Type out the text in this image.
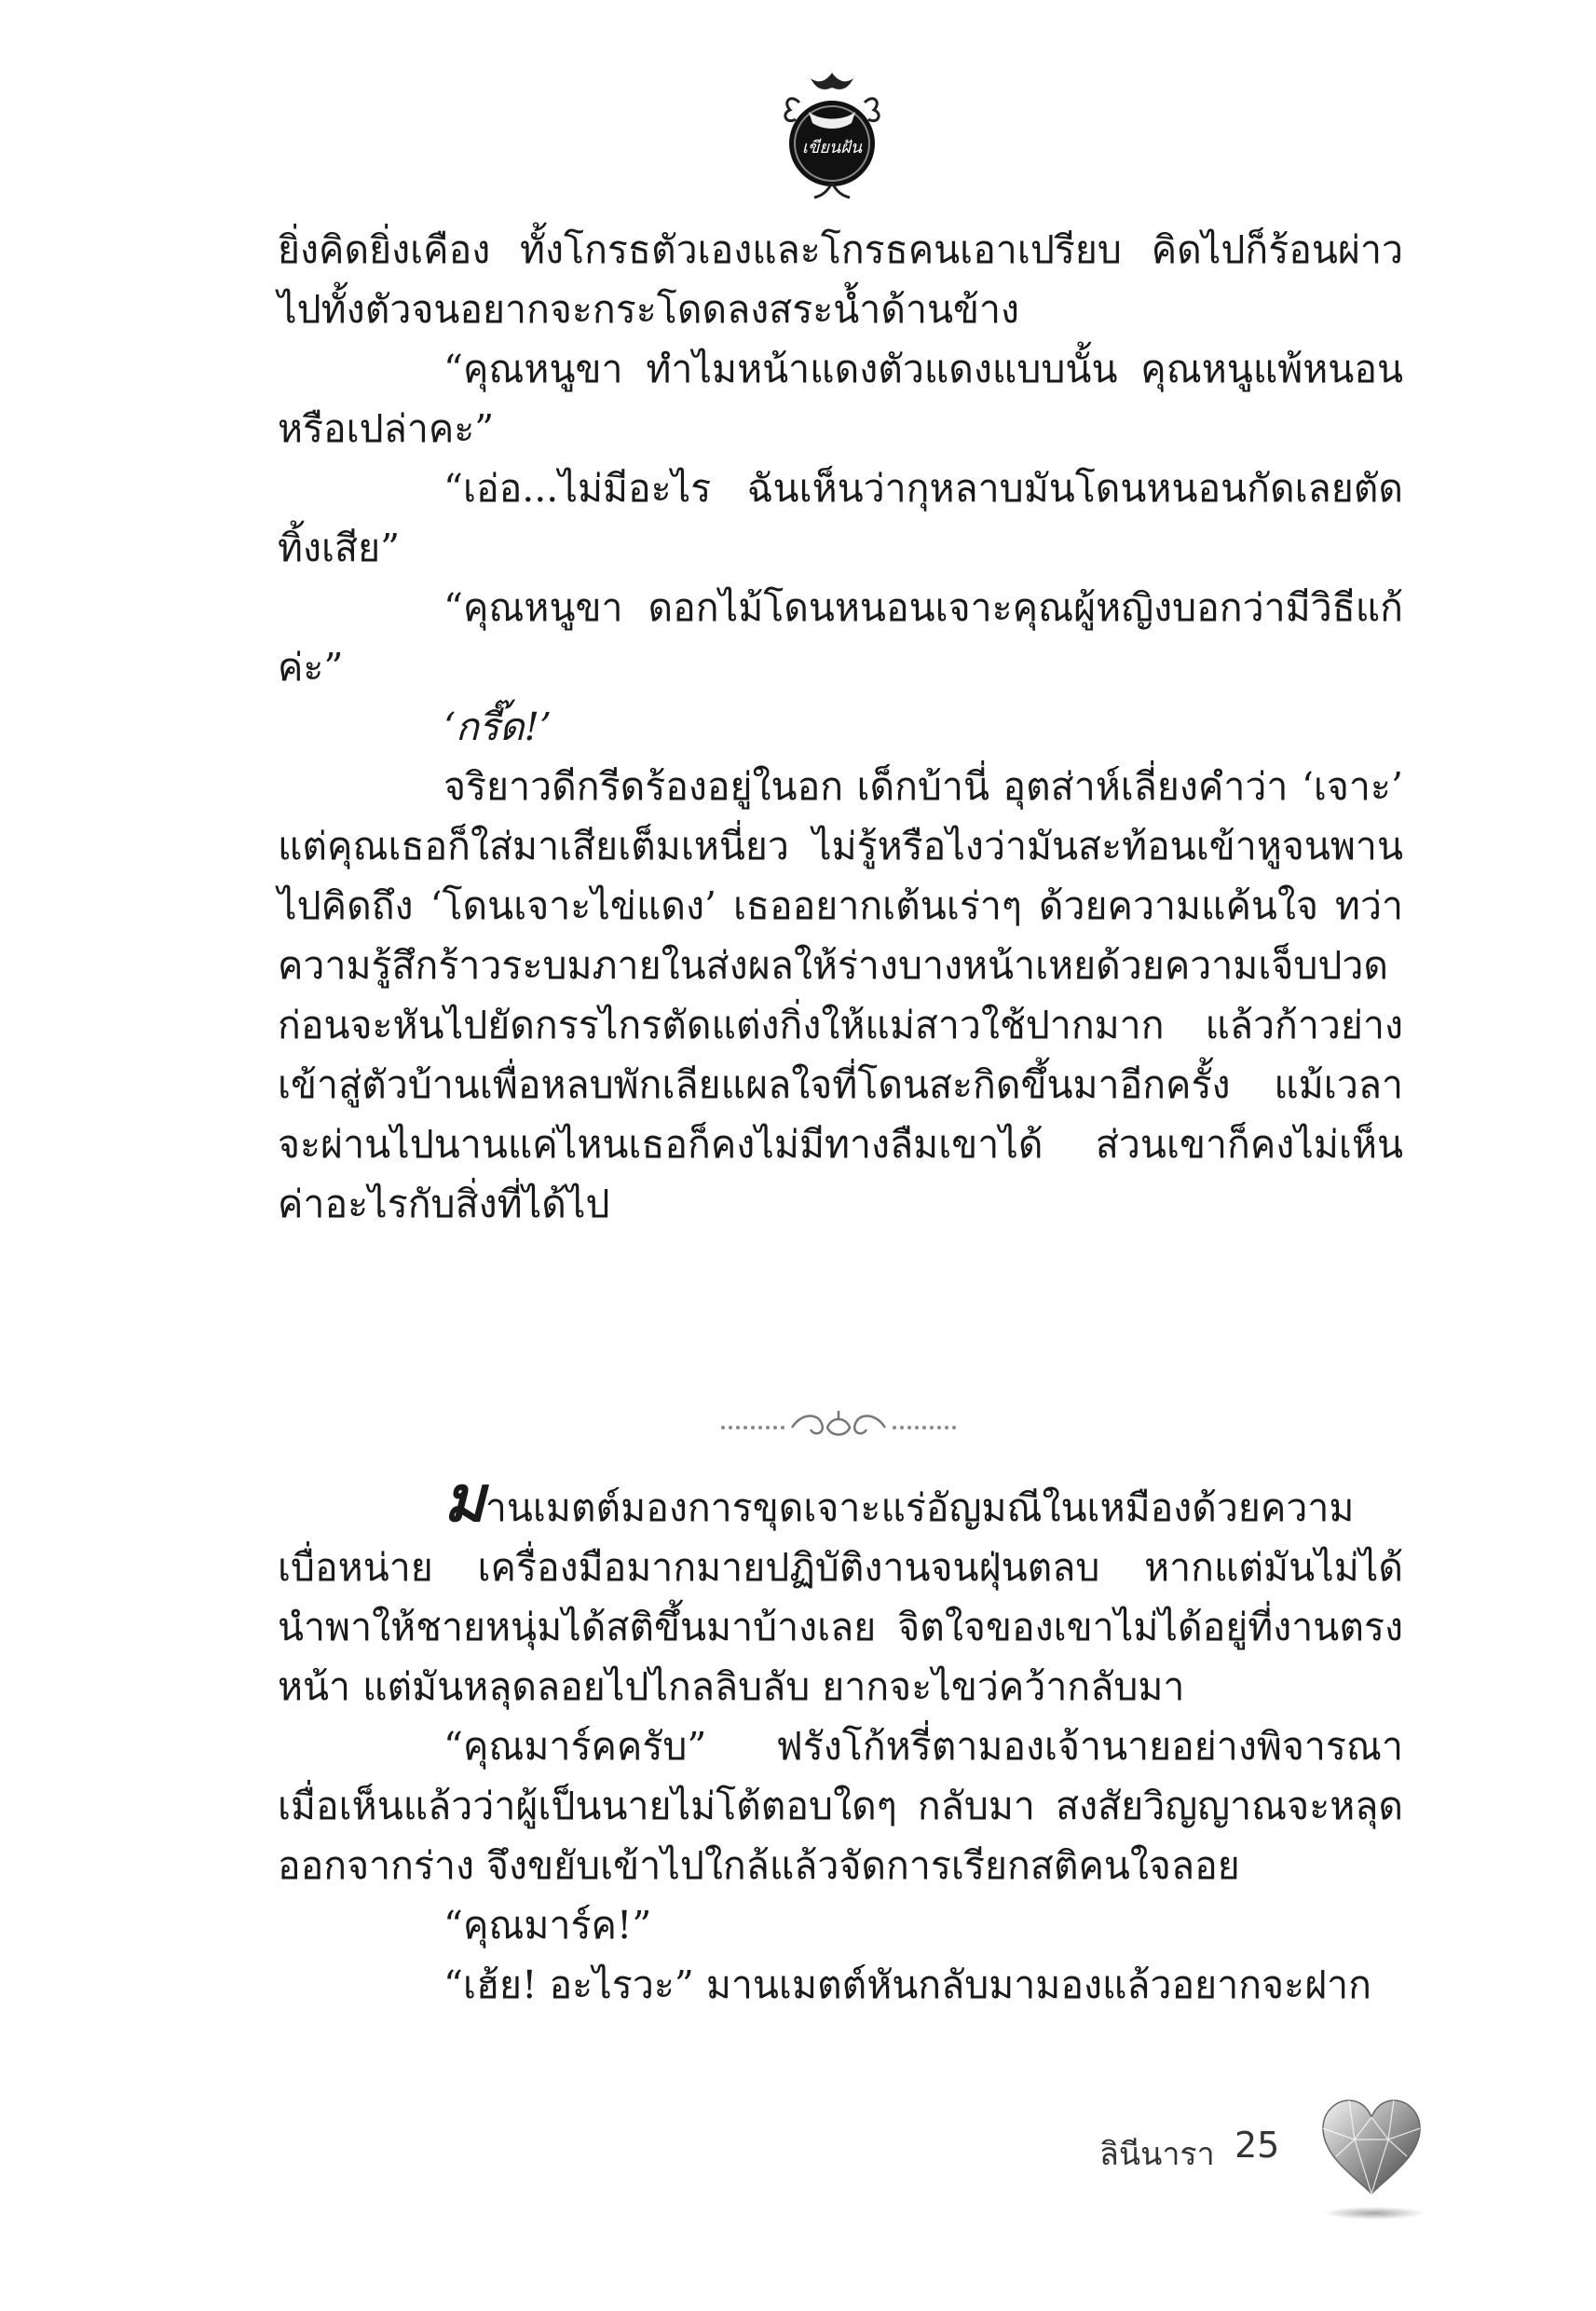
เขียนฝัน

ยิ่งคิดยิ่งเคือง ทั้งโกรธตัวเองและโกรธคนเอาเปรียบ คิดไปก็ร้อนผ่าวไปทั้งตัวจนอยากจะกระโดดลงสระน้ำด้านข้าง

“คุณหนูขา ทำไมหน้าแดงตัวแดงแบบนั้น คุณหนูแพ้หนอนหรือเปล่าคะ”

“เอ่อ...ไม่มีอะไร ฉันเห็นว่ากุหลาบมันโดนหนอนกัดเลยตัดทิ้งเสีย”

“คุณหนูขา ดอกไม้โดนหนอนเจาะคุณผู้หญิงบอกว่ามีวิธีแก้ค่ะ”

‘กรี๊ด!’

จริยาวดีกรีดร้องอยู่ในอก เด็กบ้านี่ อุตส่าห์เลี่ยงคำว่า ‘เจาะ’ แต่คุณเธอก็ใส่มาเสียเต็มเหนี่ยว ไม่รู้หรือไงว่ามันสะท้อนเข้าหูจนพานไปคิดถึง ‘โดนเจาะไข่แดง’ เธออยากเต้นเร่าๆ ด้วยความแค้นใจ ทว่าความรู้สึกร้าวระบมภายในส่งผลให้ร่างบางหน้าเหยด้วยความเจ็บปวดก่อนจะหันไปยัดกรรไกรตัดแต่งกิ่งให้แม่สาวใช้ปากมาก แล้วก้าวย่างเข้าสู่ตัวบ้านเพื่อหลบพักเลียแผลใจที่โดนสะกิดขึ้นมาอีกครั้ง แม้เวลาจะผ่านไปนานแค่ไหนเธอก็คงไม่มีทางลืมเขาได้ ส่วนเขาก็คงไม่เห็นค่าอะไรกับสิ่งที่ได้ไป

มานเมตต์มองการขุดเจาะแร่อัญมณีในเหมืองด้วยความเบื่อหน่าย เครื่องมือมากมายปฏิบัติงานจนฝุ่นตลบ หากแต่มันไม่ได้นำพาให้ชายหนุ่มได้สติขึ้นมาบ้างเลย จิตใจของเขาไม่ได้อยู่ที่งานตรงหน้า แต่มันหลุดลอยไปไกลลิบลับ ยากจะไขว่คว้ากลับมา

“คุณมาร์คครับ” ฟรังโก้หรี่ตามองเจ้านายอย่างพิจารณาเมื่อเห็นแล้วว่าผู้เป็นนายไม่โต้ตอบใดๆ กลับมา สงสัยวิญญาณจะหลุดออกจากร่าง จึงขยับเข้าไปใกล้แล้วจัดการเรียกสติคนใจลอย

“คุณมาร์ค!”

“เฮ้ย! อะไรวะ” มานเมตต์หันกลับมามองแล้วอยากจะฝาก

ลินีนารา 25
